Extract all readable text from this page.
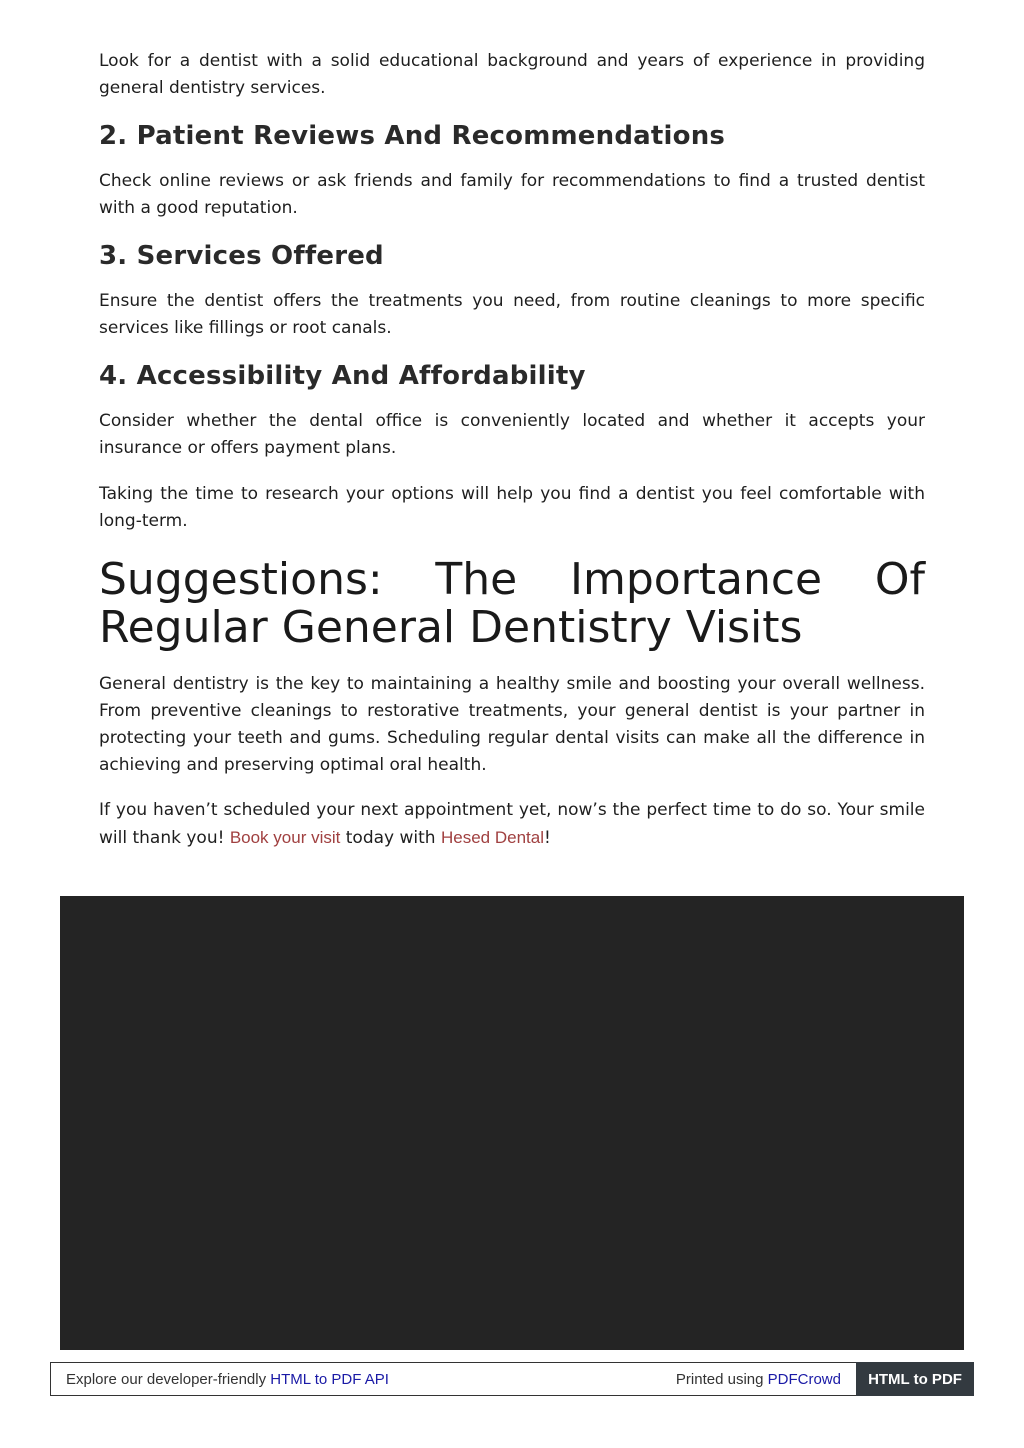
Look for a dentist with a solid educational background and years of experience in providing general dentistry services.

2. Patient Reviews And Recommendations

Check online reviews or ask friends and family for recommendations to find a trusted dentist with a good reputation.

3. Services Offered

Ensure the dentist offers the treatments you need, from routine cleanings to more specific services like fillings or root canals.

4. Accessibility And Affordability

Consider whether the dental office is conveniently located and whether it accepts your insurance or offers payment plans.

Taking the time to research your options will help you find a dentist you feel comfortable with long-term.

Suggestions: The Importance Of
Regular General Dentistry Visits

General dentistry is the key to maintaining a healthy smile and boosting your overall wellness. From preventive cleanings to restorative treatments, your general dentist is your partner in protecting your teeth and gums. Scheduling regular dental visits can make all the difference in achieving and preserving optimal oral health.

If you haven’t scheduled your next appointment yet, now’s the perfect time to do so. Your smile will thank you! Book your visit today with Hesed Dental!

Explore our developer-friendly HTML to PDF API	Printed using PDFCrowd	HTML to PDF
